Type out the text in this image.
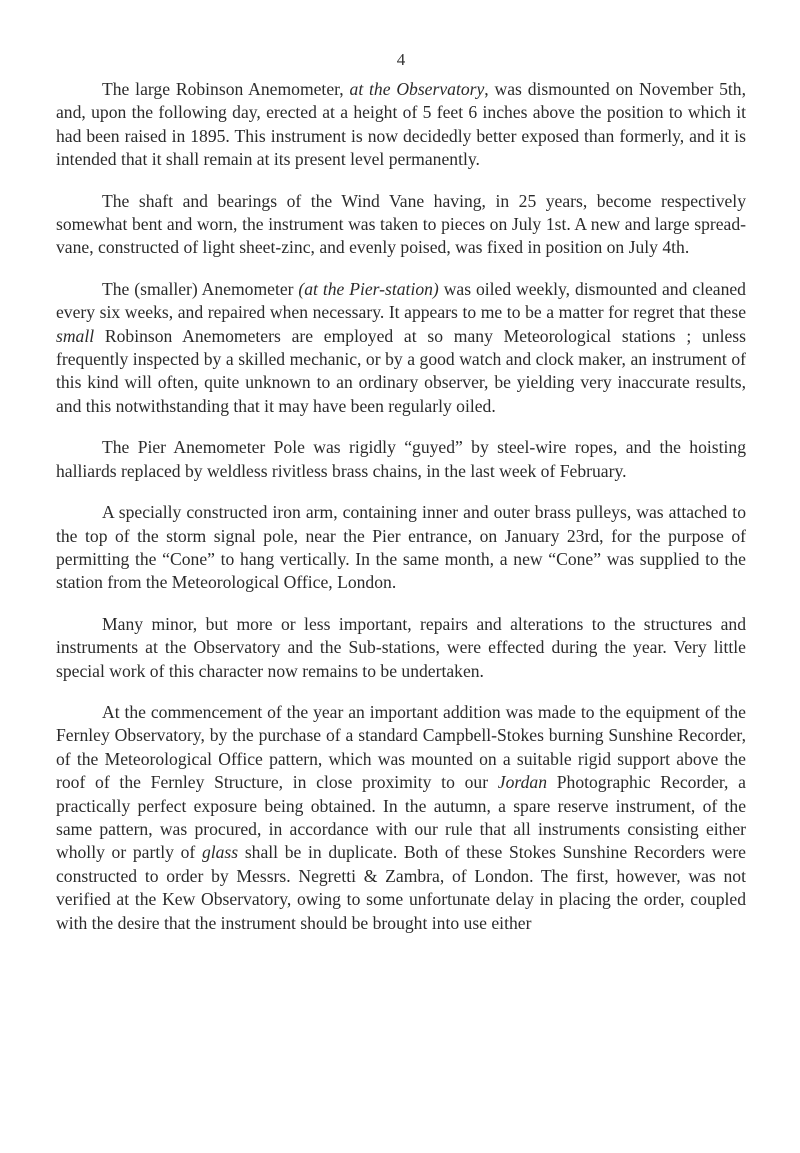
4

The large Robinson Anemometer, at the Observatory, was dismounted on November 5th, and, upon the following day, erected at a height of 5 feet 6 inches above the position to which it had been raised in 1895. This instrument is now decidedly better exposed than formerly, and it is intended that it shall remain at its present level permanently.

The shaft and bearings of the Wind Vane having, in 25 years, become respectively somewhat bent and worn, the instrument was taken to pieces on July 1st. A new and large spread-vane, constructed of light sheet-zinc, and evenly poised, was fixed in position on July 4th.

The (smaller) Anemometer (at the Pier-station) was oiled weekly, dismounted and cleaned every six weeks, and repaired when necessary. It appears to me to be a matter for regret that these small Robinson Anemometers are employed at so many Meteorological stations ; unless frequently inspected by a skilled mechanic, or by a good watch and clock maker, an instrument of this kind will often, quite unknown to an ordinary observer, be yielding very inaccurate results, and this notwithstanding that it may have been regularly oiled.

The Pier Anemometer Pole was rigidly “guyed” by steel-wire ropes, and the hoisting halliards replaced by weldless rivitless brass chains, in the last week of February.

A specially constructed iron arm, containing inner and outer brass pulleys, was attached to the top of the storm signal pole, near the Pier entrance, on January 23rd, for the purpose of permitting the “Cone” to hang vertically. In the same month, a new “Cone” was supplied to the station from the Meteorological Office, London.

Many minor, but more or less important, repairs and alterations to the structures and instruments at the Observatory and the Sub-stations, were effected during the year. Very little special work of this character now remains to be undertaken.

At the commencement of the year an important addition was made to the equipment of the Fernley Observatory, by the purchase of a standard Campbell-Stokes burning Sunshine Recorder, of the Meteorological Office pattern, which was mounted on a suitable rigid support above the roof of the Fernley Structure, in close proximity to our Jordan Photographic Recorder, a practically perfect exposure being obtained. In the autumn, a spare reserve instrument, of the same pattern, was procured, in accordance with our rule that all instruments consisting either wholly or partly of glass shall be in duplicate. Both of these Stokes Sunshine Recorders were constructed to order by Messrs. Negretti & Zambra, of London. The first, however, was not verified at the Kew Observatory, owing to some unfortunate delay in placing the order, coupled with the desire that the instrument should be brought into use either
